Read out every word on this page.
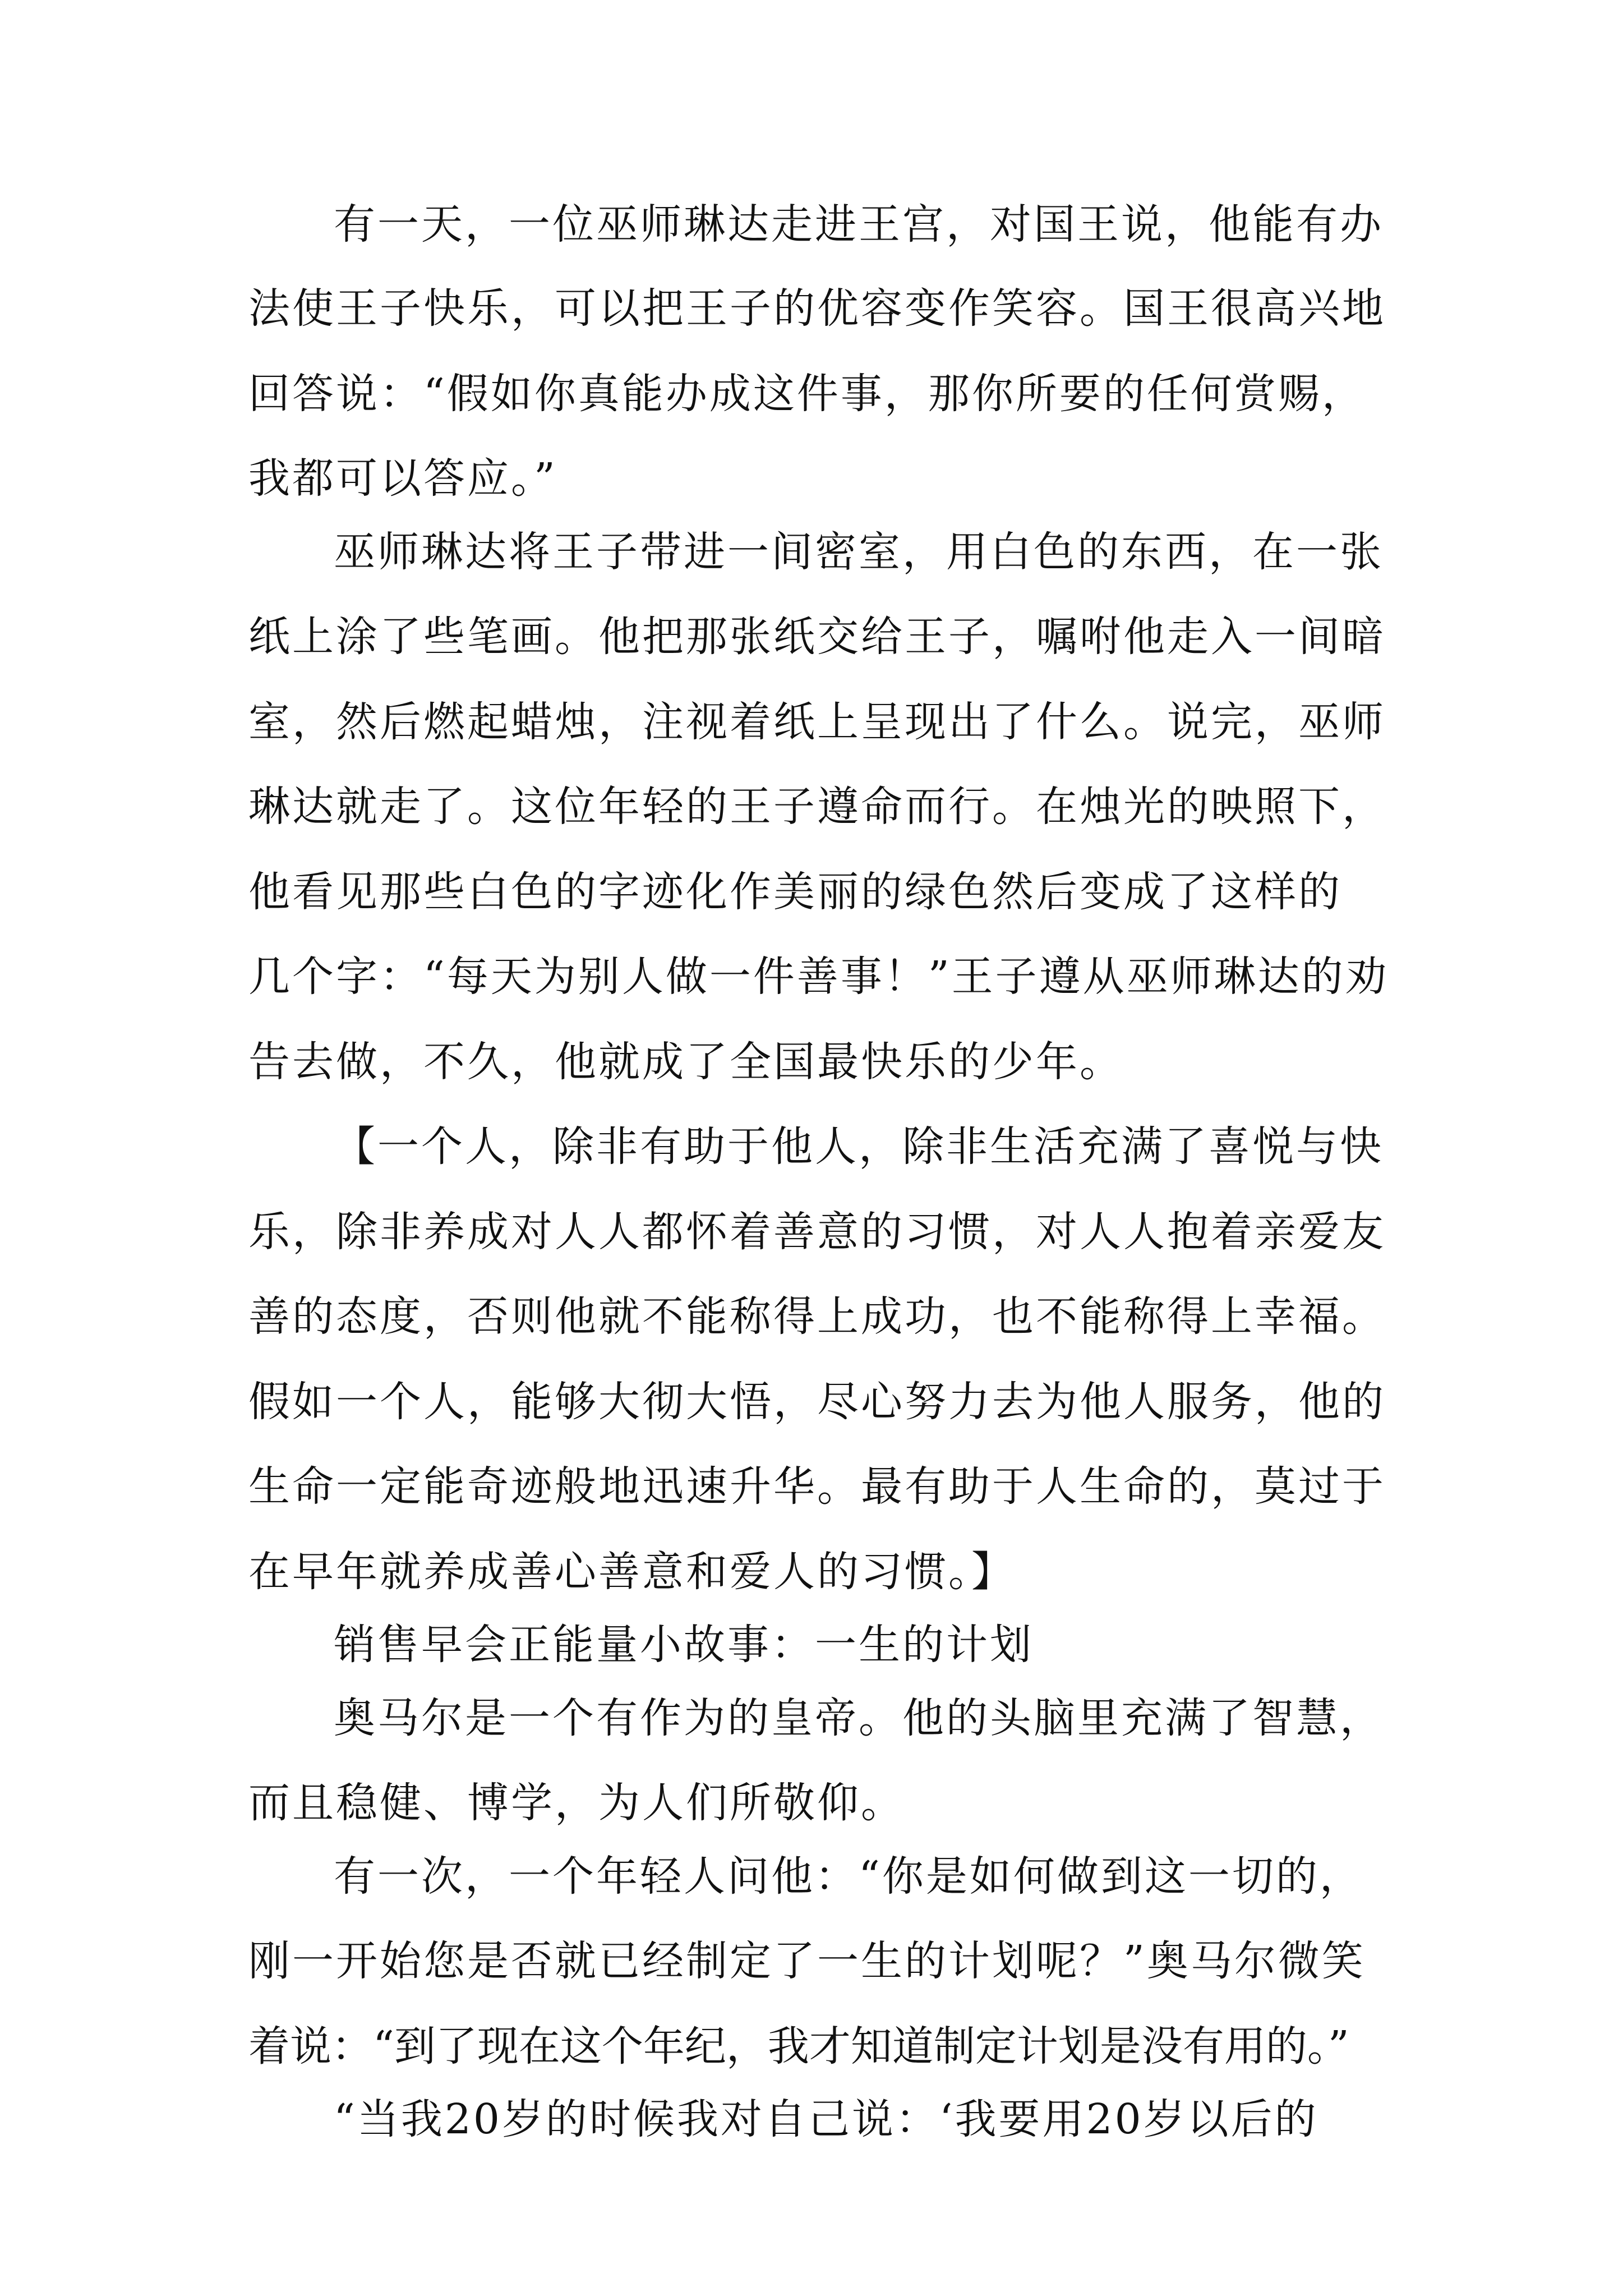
有一天，一位巫师琳达走进王宫，对国王说，他能有办
法使王子快乐，可以把王子的优容变作笑容。国王很高兴地
回答说：“假如你真能办成这件事，那你所要的任何赏赐，
我都可以答应。”
巫师琳达将王子带进一间密室，用白色的东西，在一张
纸上涂了些笔画。他把那张纸交给王子，嘱咐他走入一间暗
室，然后燃起蜡烛，注视着纸上呈现出了什么。说完，巫师
琳达就走了。这位年轻的王子遵命而行。在烛光的映照下，
他看见那些白色的字迹化作美丽的绿色然后变成了这样的
几个字：“每天为别人做一件善事！”王子遵从巫师琳达的劝
告去做，不久，他就成了全国最快乐的少年。
【一个人，除非有助于他人，除非生活充满了喜悦与快
乐，除非养成对人人都怀着善意的习惯，对人人抱着亲爱友
善的态度，否则他就不能称得上成功，也不能称得上幸福。
假如一个人，能够大彻大悟，尽心努力去为他人服务，他的
生命一定能奇迹般地迅速升华。最有助于人生命的，莫过于
在早年就养成善心善意和爱人的习惯。】
销售早会正能量小故事：一生的计划
奥马尔是一个有作为的皇帝。他的头脑里充满了智慧，
而且稳健、博学，为人们所敬仰。
有一次，一个年轻人问他：“你是如何做到这一切的，
刚一开始您是否就已经制定了一生的计划呢？”奥马尔微笑
着说：“到了现在这个年纪，我才知道制定计划是没有用的。”
“当我20岁的时候我对自己说：‘我要用20岁以后的
